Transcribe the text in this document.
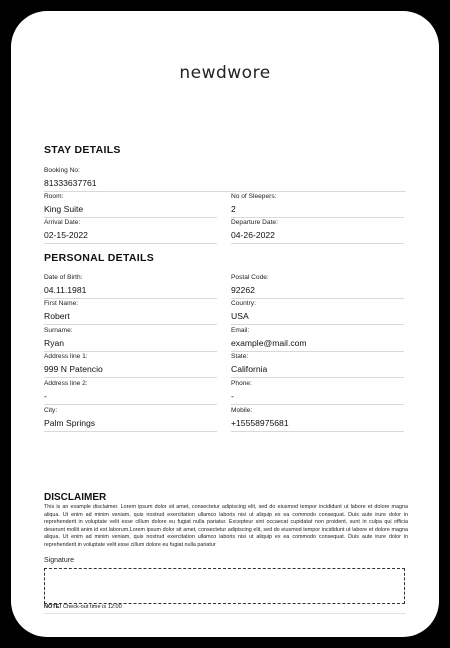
newdwore
STAY DETAILS
Booking No:
81333637761
Room:
King Suite
No of Sleepers:
2
Arrival Date:
02-15-2022
Departure Date:
04-26-2022
PERSONAL DETAILS
Date of Birth:
04.11.1981
Postal Code:
92262
First Name:
Robert
Country:
USA
Surname:
Ryan
Email:
example@mail.com
Address line 1:
999 N Patencio
State:
California
Address line 2:
-
Phone:
-
City:
Palm Springs
Mobile:
+15558975681
DISCLAIMER
This is an example disclaimer. Lorem ipsum dolor sit amet, consectetur adipiscing elit, sed do eiusmod tempor incididunt ut labore et dolore magna aliqua. Ut enim ad minim veniam, quis nostrud exercitation ullamco laboris nisi ut aliquip ex ea commodo consequat. Duis aute irure dolor in reprehenderit in voluptate velit esse cillum dolore eu fugiat nulla pariatur. Excepteur sint occaecat cupidatat non proident, sunt in culpa qui officia deserunt mollit anim id est laborum.Lorem ipsum dolor sit amet, consectetur adipiscing elit, sed do eiusmod tempor incididunt ut labore et dolore magna aliqua. Ut enim ad minim veniam, quis nostrud exercitation ullamco laboris nisi ut aliquip ex ea commodo consequat. Duis aute irure dolor in reprehenderit in voluptate velit esse cillum dolore eu fugiat nulla pariatur
Signature
NOTE! Check-out time is 12:00
